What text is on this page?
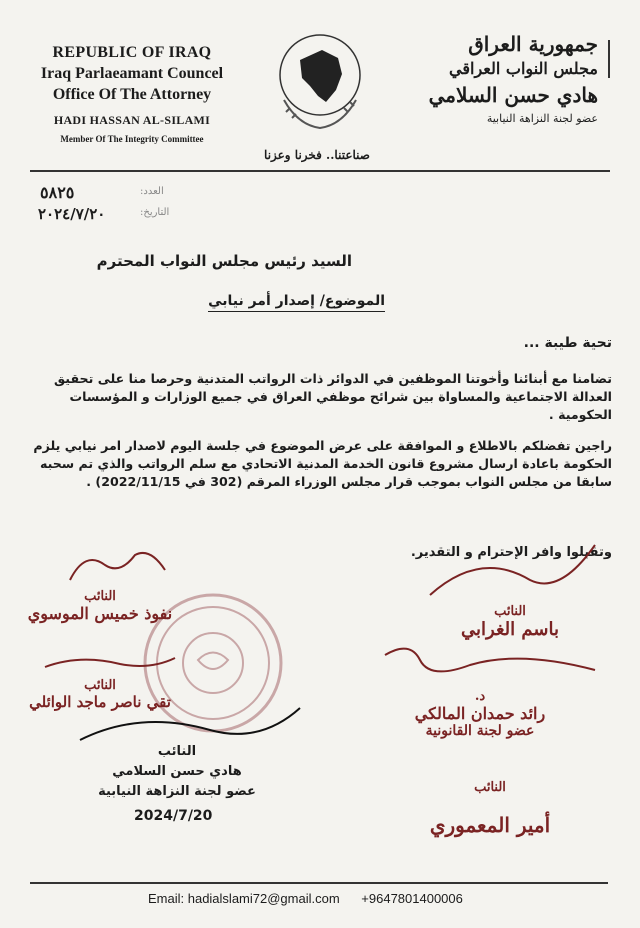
REPUBLIC OF IRAQ
Iraq Parlaeamant Councel
Office Of The Attorney
HADI HASSAN AL-SILAMI
Member Of The Integrity Committee
صناعتنا.. فخرنا وعزنا
جمهورية العراق
مجلس النواب العراقي
هادي حسن السلامي
عضو لجنة النزاهة النيابية
٥٨٢٥	العدد:
٢٠٢٤/٧/٢٠	التاريخ:
السيد رئيس مجلس النواب المحترم
الموضوع/ إصدار أمر نيابي
تحية طيبة ...
تضامنا مع أبنائنا وأخوتنا الموظفين في الدوائر ذات الرواتب المتدنية وحرصا منا على تحقيق العدالة الاجتماعية والمساواة بين شرائح موظفي العراق في جميع الوزارات و المؤسسات الحكومية .
راجين تفضلكم بالاطلاع و الموافقة على عرض الموضوع في جلسة اليوم لاصدار امر نيابي يلزم الحكومة باعادة ارسال مشروع قانون الخدمة المدنية الاتحادي مع سلم الرواتب والذي تم سحبه سابقا من مجلس النواب بموجب قرار مجلس الوزراء المرقم (302 في 2022/11/15) .
وتقبلوا وافر الإحترام و التقدير.
النائب
نفوذ خميس الموسوي
النائب
تقي ناصر ماجد الوائلي
النائب
هادي حسن السلامي
عضو لجنة النزاهة النيابية
2024/7/20
النائب
باسم الغرابي
د.
رائد حمدان المالكي
عضو لجنة القانونية
النائب
أمير المعموري
Email: hadialslami72@gmail.com +9647801400006
